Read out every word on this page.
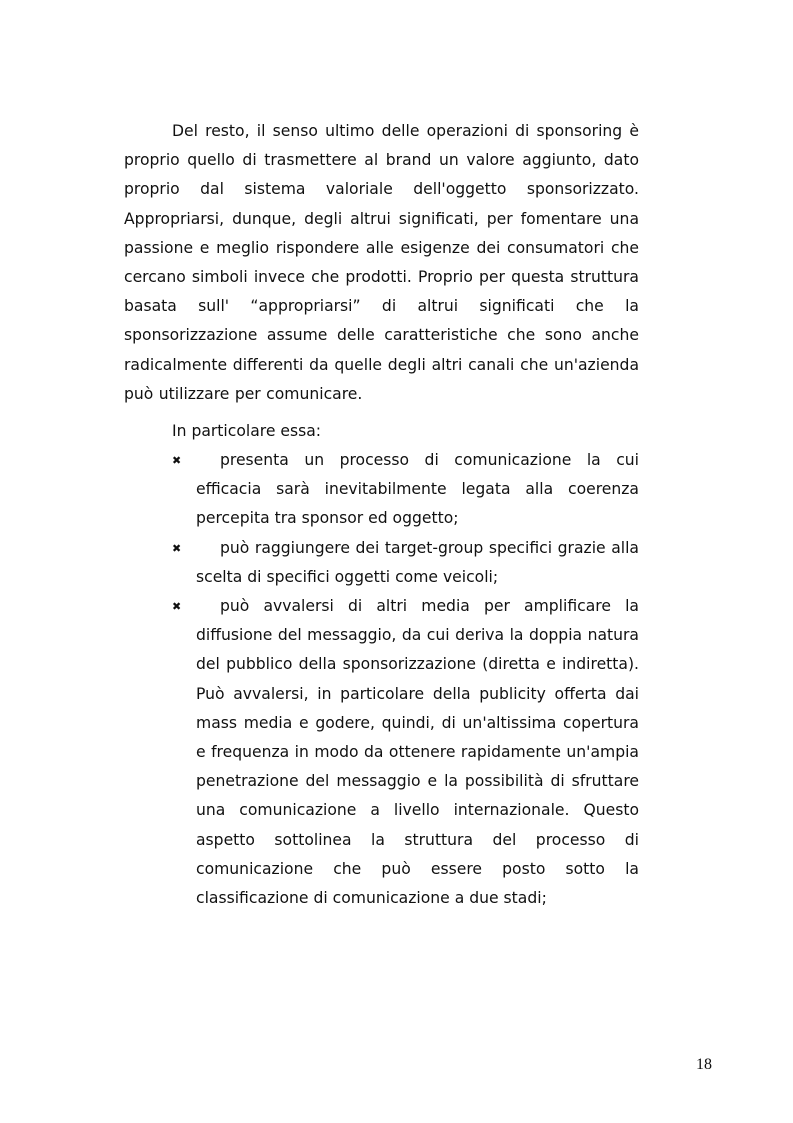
Del resto, il senso ultimo delle operazioni di sponsoring è proprio quello di trasmettere al brand un valore aggiunto, dato proprio dal sistema valoriale dell'oggetto sponsorizzato. Appropriarsi, dunque, degli altrui significati, per fomentare una passione e meglio rispondere alle esigenze dei consumatori che cercano simboli invece che prodotti. Proprio per questa struttura basata sull' “appropriarsi” di altrui significati che la sponsorizzazione assume delle caratteristiche che sono anche radicalmente differenti da quelle degli altri canali che un'azienda può utilizzare per comunicare.

In particolare essa:
✖	presenta un processo di comunicazione la cui efficacia sarà inevitabilmente legata alla coerenza percepita tra sponsor ed oggetto;
✖	può raggiungere dei target-group specifici grazie alla scelta di specifici oggetti come veicoli;
✖	può avvalersi di altri media per amplificare la diffusione del messaggio, da cui deriva la doppia natura del pubblico della sponsorizzazione (diretta e indiretta). Può avvalersi, in particolare della publicity offerta dai mass media e godere, quindi, di un'altissima copertura e frequenza in modo da ottenere rapidamente un'ampia penetrazione del messaggio e la possibilità di sfruttare una comunicazione a livello internazionale. Questo aspetto sottolinea la struttura del processo di comunicazione che può essere posto sotto la classificazione di comunicazione a due stadi;
18
